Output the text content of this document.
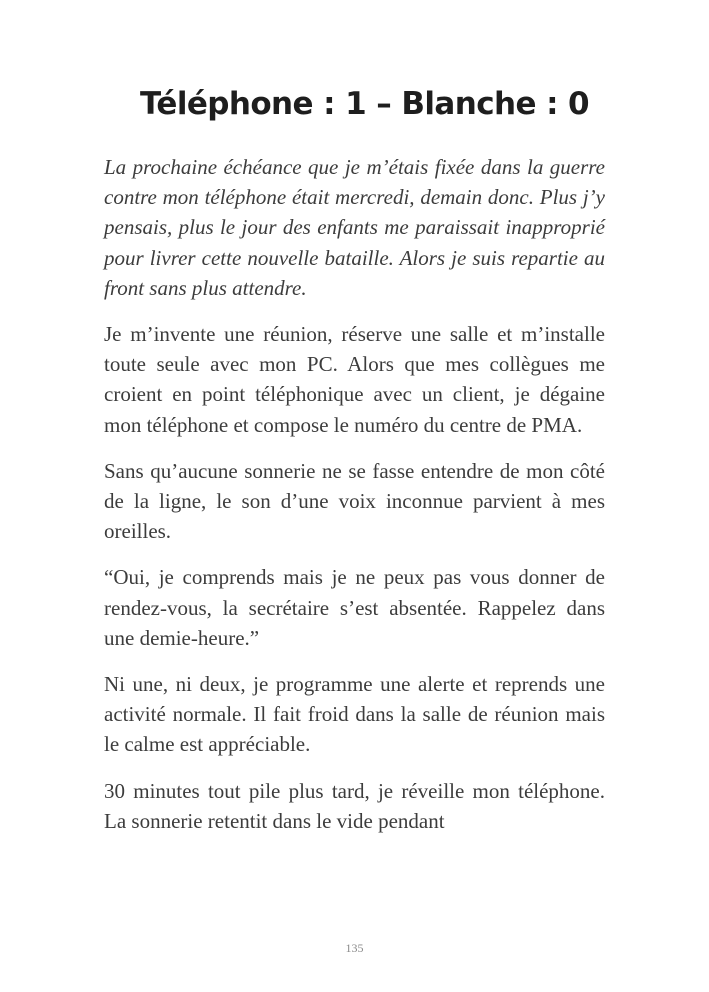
Téléphone : 1 – Blanche : 0

La prochaine échéance que je m’étais fixée dans la guerre contre mon téléphone était mercredi, demain donc. Plus j’y pensais, plus le jour des enfants me paraissait inapproprié pour livrer cette nouvelle bataille. Alors je suis repartie au front sans plus attendre.

Je m’invente une réunion, réserve une salle et m’installe toute seule avec mon PC. Alors que mes collègues me croient en point téléphonique avec un client, je dégaine mon téléphone et compose le numéro du centre de PMA.

Sans qu’aucune sonnerie ne se fasse entendre de mon côté de la ligne, le son d’une voix inconnue parvient à mes oreilles.

“Oui, je comprends mais je ne peux pas vous donner de rendez-vous, la secrétaire s’est absentée. Rappelez dans une demie-heure.”

Ni une, ni deux, je programme une alerte et reprends une activité normale. Il fait froid dans la salle de réunion mais le calme est appréciable.

30 minutes tout pile plus tard, je réveille mon téléphone. La sonnerie retentit dans le vide pendant

135
